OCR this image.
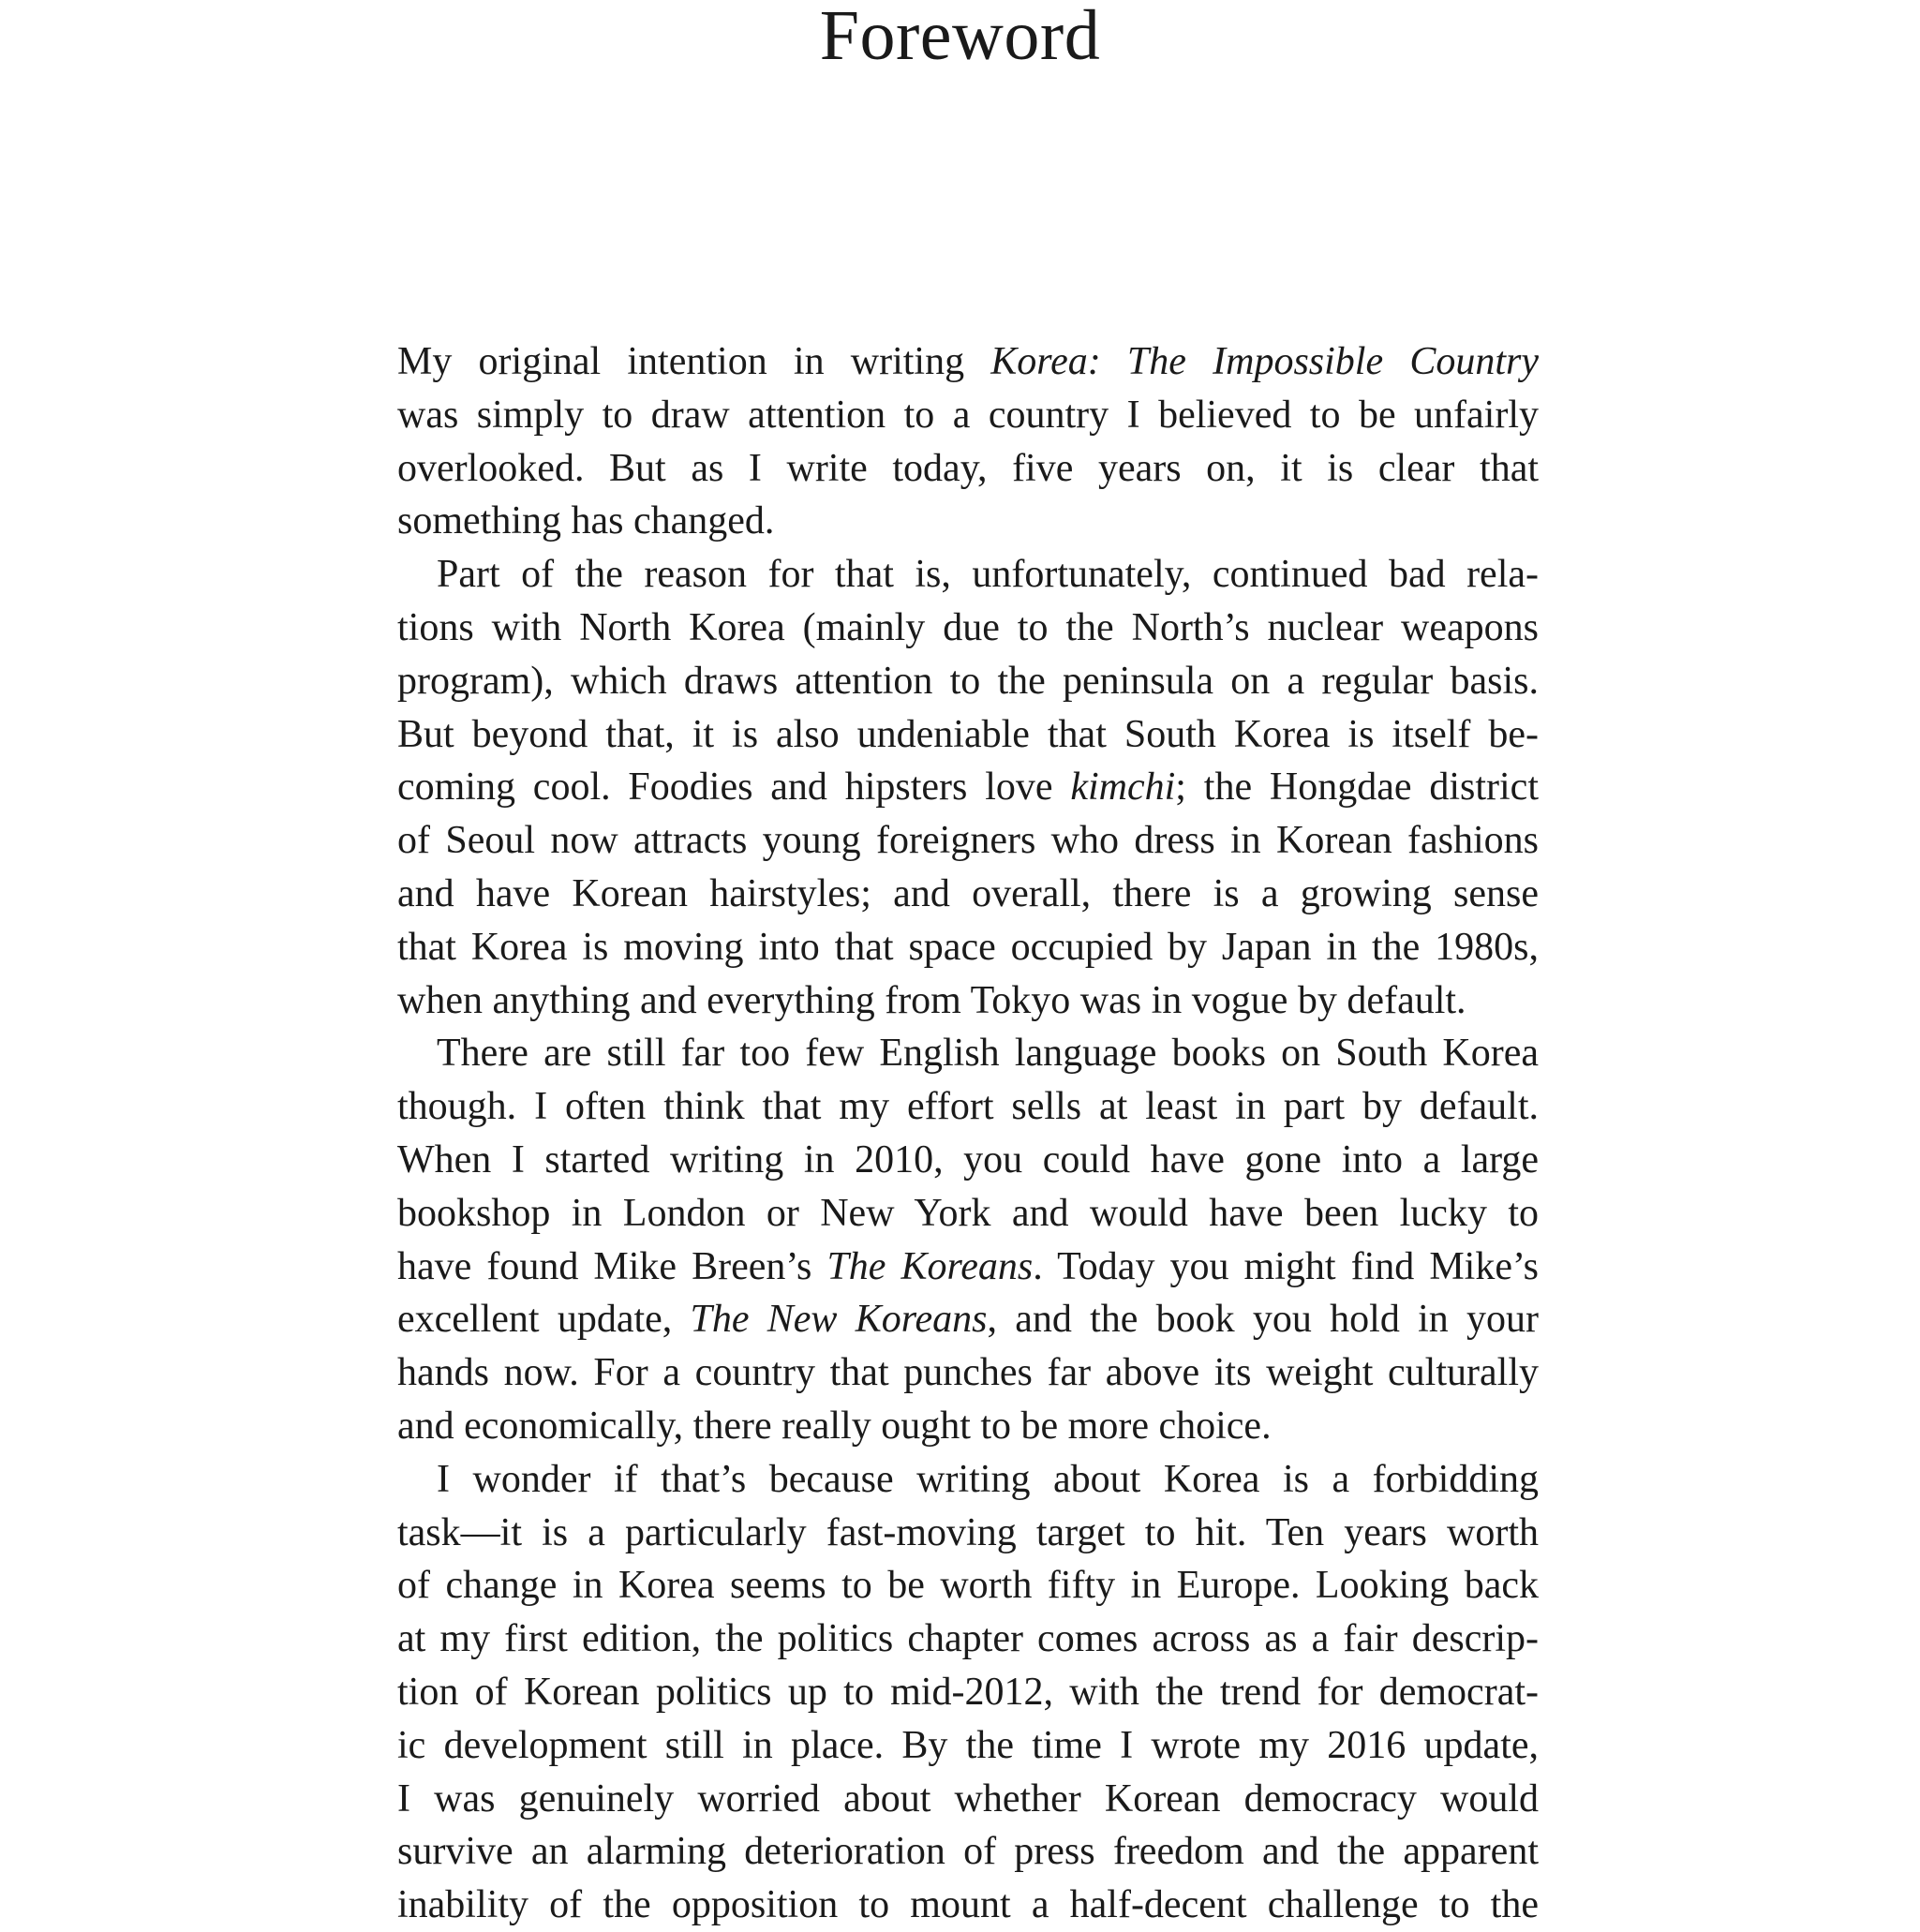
Foreword
My original intention in writing Korea: The Impossible Country
was simply to draw attention to a country I believed to be unfairly
overlooked. But as I write today, five years on, it is clear that
something has changed.
Part of the reason for that is, unfortunately, continued bad rela-
tions with North Korea (mainly due to the North’s nuclear weapons
program), which draws attention to the peninsula on a regular basis.
But beyond that, it is also undeniable that South Korea is itself be-
coming cool. Foodies and hipsters love kimchi; the Hongdae district
of Seoul now attracts young foreigners who dress in Korean fashions
and have Korean hairstyles; and overall, there is a growing sense
that Korea is moving into that space occupied by Japan in the 1980s,
when anything and everything from Tokyo was in vogue by default.
There are still far too few English language books on South Korea
though. I often think that my effort sells at least in part by default.
When I started writing in 2010, you could have gone into a large
bookshop in London or New York and would have been lucky to
have found Mike Breen’s The Koreans. Today you might find Mike’s
excellent update, The New Koreans, and the book you hold in your
hands now. For a country that punches far above its weight culturally
and economically, there really ought to be more choice.
I wonder if that’s because writing about Korea is a forbidding
task—it is a particularly fast-moving target to hit. Ten years worth
of change in Korea seems to be worth fifty in Europe. Looking back
at my first edition, the politics chapter comes across as a fair descrip-
tion of Korean politics up to mid-2012, with the trend for democrat-
ic development still in place. By the time I wrote my 2016 update,
I was genuinely worried about whether Korean democracy would
survive an alarming deterioration of press freedom and the apparent
inability of the opposition to mount a half-decent challenge to the
